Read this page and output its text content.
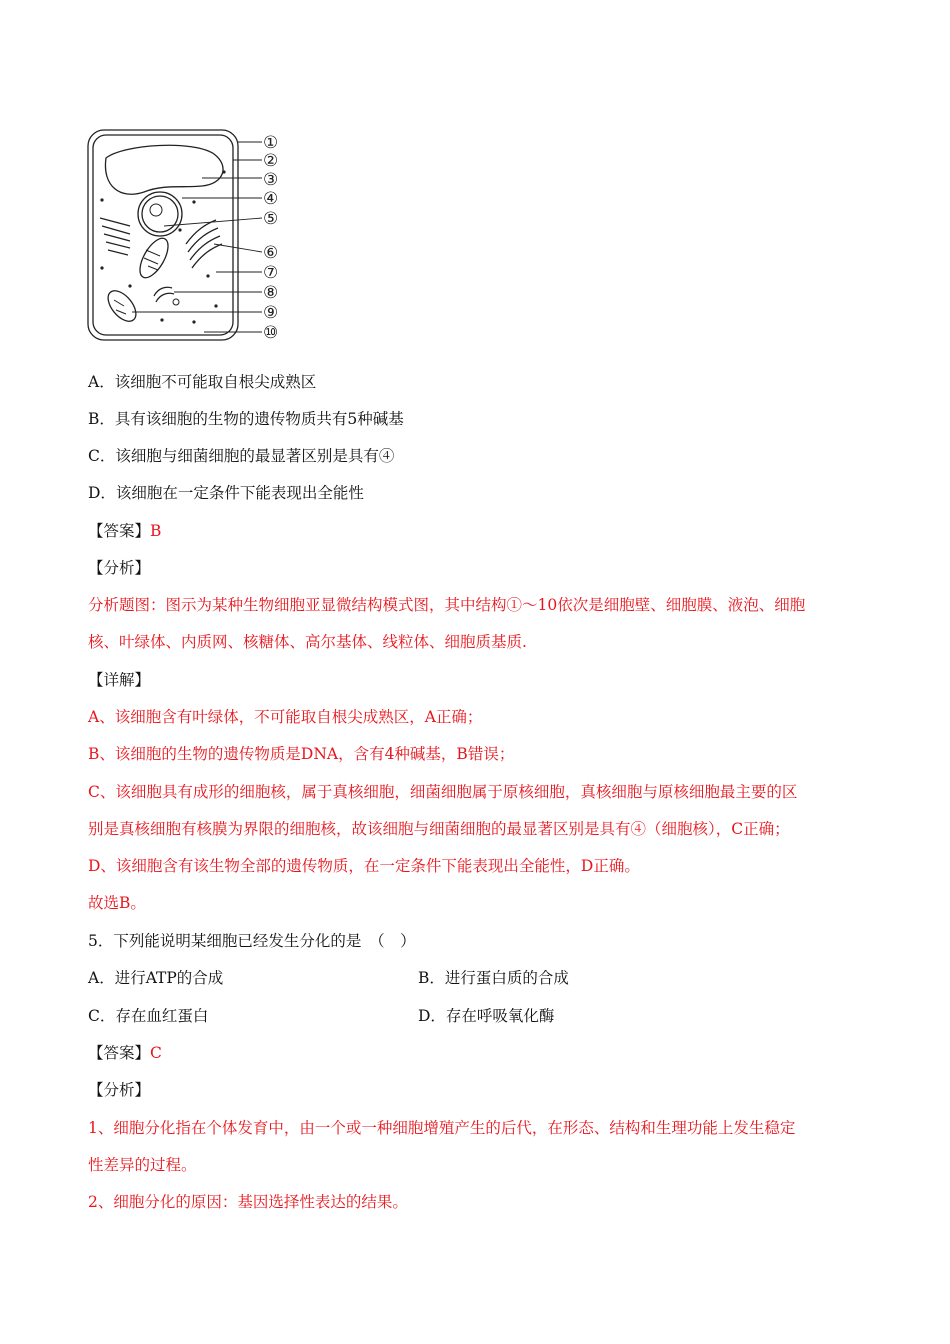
①
②
③
④
⑤
⑥
⑦
⑧
⑨
⑩
A．该细胞不可能取自根尖成熟区
B．具有该细胞的生物的遗传物质共有5种碱基
C．该细胞与细菌细胞的最显著区别是具有④
D．该细胞在一定条件下能表现出全能性
【答案】B
【分析】
分析题图：图示为某种生物细胞亚显微结构模式图，其中结构①～10依次是细胞壁、细胞膜、液泡、细胞
核、叶绿体、内质网、核糖体、高尔基体、线粒体、细胞质基质.
【详解】
A、该细胞含有叶绿体，不可能取自根尖成熟区，A正确；
B、该细胞的生物的遗传物质是DNA，含有4种碱基，B错误；
C、该细胞具有成形的细胞核，属于真核细胞，细菌细胞属于原核细胞，真核细胞与原核细胞最主要的区
别是真核细胞有核膜为界限的细胞核，故该细胞与细菌细胞的最显著区别是具有④（细胞核），C正确；
D、该细胞含有该生物全部的遗传物质，在一定条件下能表现出全能性，D正确。
故选B。
5．下列能说明某细胞已经发生分化的是　（　）
A．进行ATP的合成	B．进行蛋白质的合成
C．存在血红蛋白	D．存在呼吸氧化酶
【答案】C
【分析】
1、细胞分化指在个体发育中，由一个或一种细胞增殖产生的后代，在形态、结构和生理功能上发生稳定
性差异的过程。
2、细胞分化的原因：基因选择性表达的结果。
